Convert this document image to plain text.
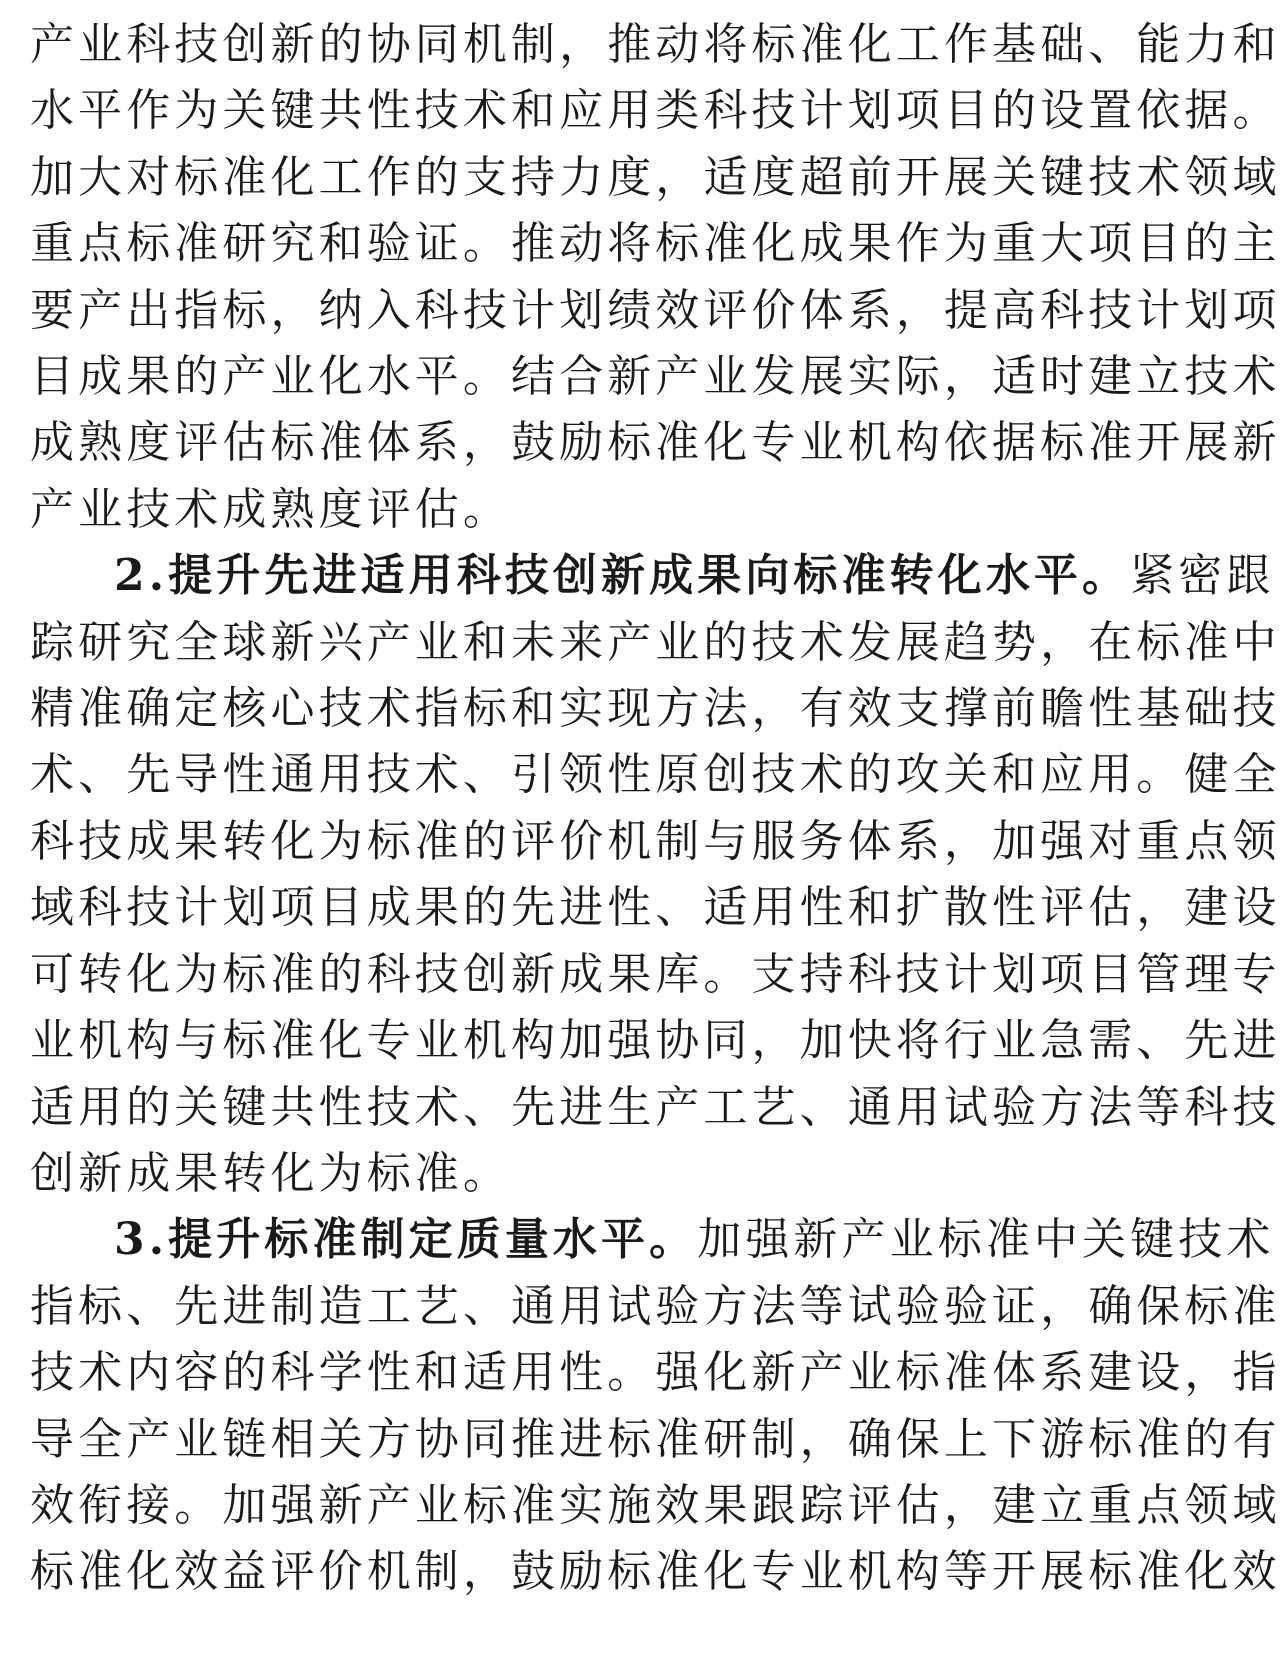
产业科技创新的协同机制，推动将标准化工作基础、能力和
水平作为关键共性技术和应用类科技计划项目的设置依据。
加大对标准化工作的支持力度，适度超前开展关键技术领域
重点标准研究和验证。推动将标准化成果作为重大项目的主
要产出指标，纳入科技计划绩效评价体系，提高科技计划项
目成果的产业化水平。结合新产业发展实际，适时建立技术
成熟度评估标准体系，鼓励标准化专业机构依据标准开展新
产业技术成熟度评估。
2.提升先进适用科技创新成果向标准转化水平。紧密跟
踪研究全球新兴产业和未来产业的技术发展趋势，在标准中
精准确定核心技术指标和实现方法，有效支撑前瞻性基础技
术、先导性通用技术、引领性原创技术的攻关和应用。健全
科技成果转化为标准的评价机制与服务体系，加强对重点领
域科技计划项目成果的先进性、适用性和扩散性评估，建设
可转化为标准的科技创新成果库。支持科技计划项目管理专
业机构与标准化专业机构加强协同，加快将行业急需、先进
适用的关键共性技术、先进生产工艺、通用试验方法等科技
创新成果转化为标准。
3.提升标准制定质量水平。加强新产业标准中关键技术
指标、先进制造工艺、通用试验方法等试验验证，确保标准
技术内容的科学性和适用性。强化新产业标准体系建设，指
导全产业链相关方协同推进标准研制，确保上下游标准的有
效衔接。加强新产业标准实施效果跟踪评估，建立重点领域
标准化效益评价机制，鼓励标准化专业机构等开展标准化效
